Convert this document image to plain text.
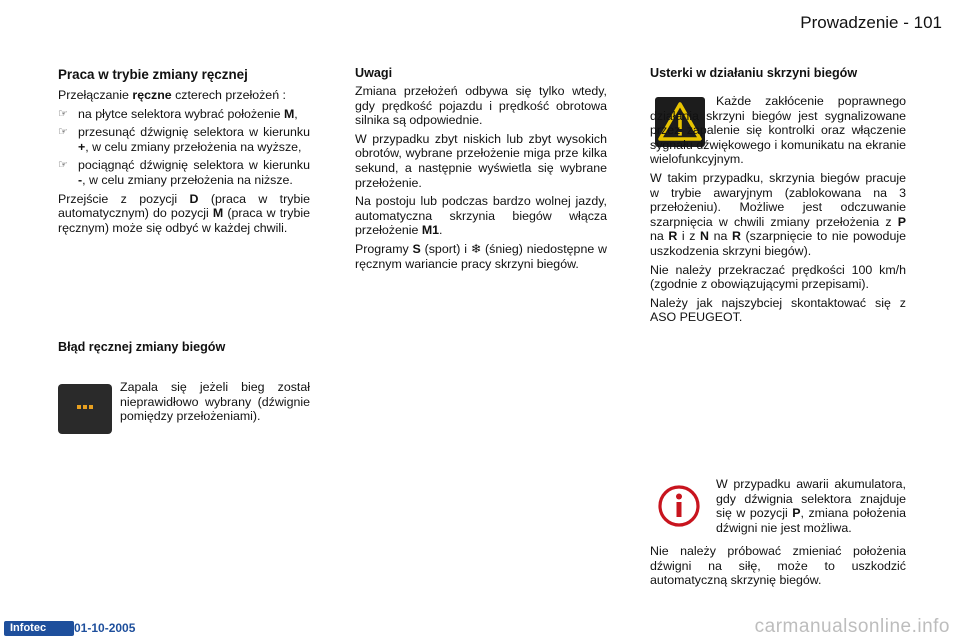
Prowadzenie - 101
Praca w trybie zmiany ręcznej

Przełączanie ręczne czterech przełożeń :

☞ na płytce selektora wybrać położenie M,
☞ przesunąć dźwignię selektora w kierunku +, w celu zmiany przełożenia na wyższe,
☞ pociągnąć dźwignię selektora w kierunku -, w celu zmiany przełożenia na niższe.

Przejście z pozycji D (praca w trybie automatycznym) do pozycji M (praca w trybie ręcznym) może się odbyć w każdej chwili.

Błąd ręcznej zmiany biegów

Zapala się jeżeli bieg został nieprawidłowo wybrany (dźwignie pomiędzy przełożeniami).

Uwagi

Zmiana przełożeń odbywa się tylko wtedy, gdy prędkość pojazdu i prędkość obrotowa silnika są odpowiednie.

W przypadku zbyt niskich lub zbyt wysokich obrotów, wybrane przełożenie miga prze kilka sekund, a następnie wyświetla się wybrane przełożenie.

Na postoju lub podczas bardzo wolnej jazdy, automatyczna skrzynia biegów włącza przełożenie M1.

Programy S (sport) i ❄ (śnieg) niedostępne w ręcznym wariancie pracy skrzyni biegów.

Usterki w działaniu skrzyni biegów

Każde zakłócenie poprawnego działania skrzyni biegów jest sygnalizowane przez zapalenie się kontrolki oraz włączenie sygnału dźwiękowego i komunikatu na ekranie wielofunkcyjnym.

W takim przypadku, skrzynia biegów pracuje w trybie awaryjnym (zablokowana na 3 przełożeniu). Możliwe jest odczuwanie szarpnięcia w chwili zmiany przełożenia z P na R i z N na R (szarpnięcie to nie powoduje uszkodzenia skrzyni biegów).

Nie należy przekraczać prędkości 100 km/h (zgodnie z obowiązującymi przepisami).

Należy jak najszybciej skontaktować się z ASO PEUGEOT.

W przypadku awarii akumulatora, gdy dźwignia selektora znajduje się w pozycji P, zmiana położenia dźwigni nie jest możliwa.

Nie należy próbować zmieniać położenia dźwigni na siłę, może to uszkodzić automatyczną skrzynię biegów.

Infotec	01-10-2005	carmanualsonline.info
